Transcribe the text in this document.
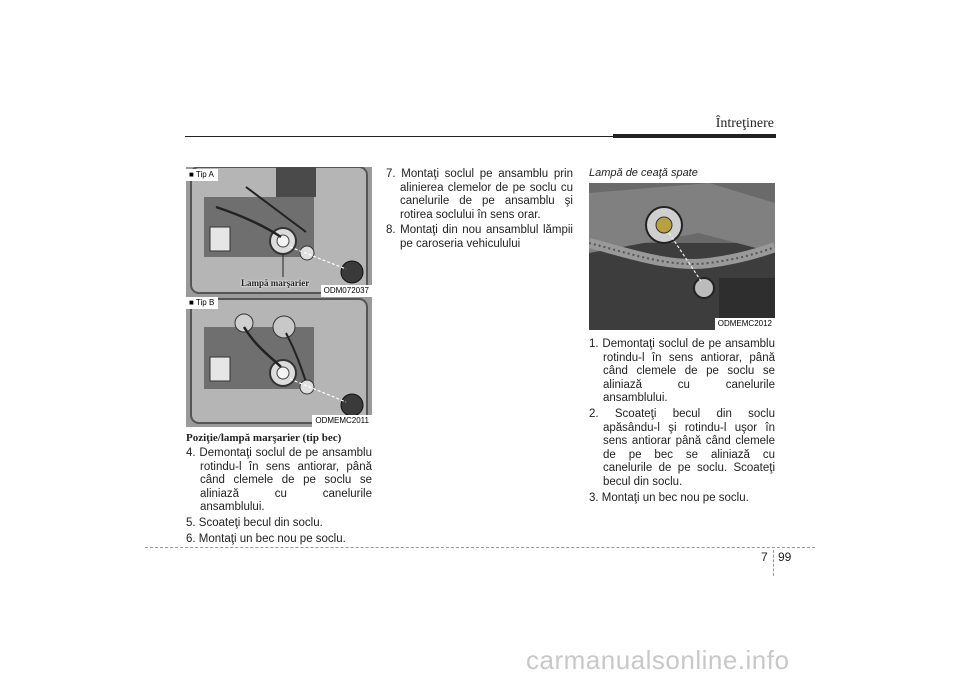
Întreţinere
■ Tip A
Lampă marşarier
ODM072037
■ Tip B
ODMEMC2011
Poziţie/lampă marşarier (tip bec)
4. Demontaţi soclul de pe ansamblu rotindu-l în sens antiorar, până când clemele de pe soclu se aliniază cu canelurile ansamblului.
5. Scoateţi becul din soclu.
6. Montaţi un bec nou pe soclu.
7. Montaţi soclul pe ansamblu prin alinierea clemelor de pe soclu cu canelurile de pe ansamblu şi rotirea soclului în sens orar.
8. Montaţi din nou ansamblul lămpii pe caroseria vehiculului
Lampă de ceaţă spate
ODMEMC2012
1. Demontaţi soclul de pe ansamblu rotindu-l în sens antiorar, până când clemele de pe soclu se aliniază cu canelurile ansamblului.
2. Scoateţi becul din soclu apăsându-l şi rotindu-l uşor în sens antiorar până când clemele de pe bec se aliniază cu canelurile de pe soclu. Scoateţi becul din soclu.
3. Montaţi un bec nou pe soclu.
7 99
carmanualsonline.info
